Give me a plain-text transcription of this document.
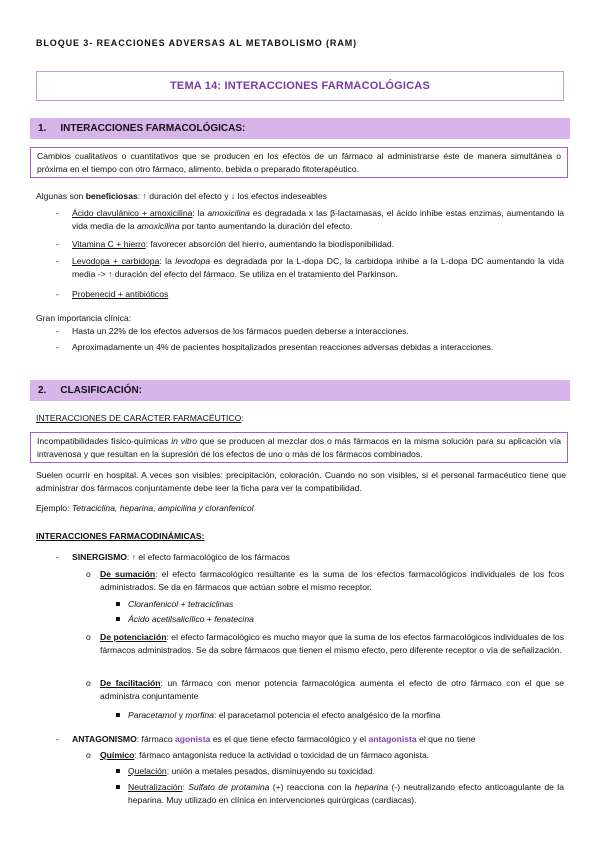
BLOQUE 3- REACCIONES ADVERSAS AL METABOLISMO (RAM)
TEMA 14: INTERACCIONES FARMACOLÓGICAS
1. INTERACCIONES FARMACOLÓGICAS:
Cambios cualitativos o cuantitativos que se producen en los efectos de un fármaco al administrarse éste de manera simultánea o próxima en el tiempo con otro fármaco, alimento, bebida o preparado fitoterapéutico.
Algunas son beneficiosas: ↑ duración del efecto y ↓ los efectos indeseables
- Ácido clavulánico + amoxicilina: la amoxicilina es degradada x las β-lactamasas, el ácido inhibe estas enzimas, aumentando la vida media de la amoxicilina por tanto aumentando la duración del efecto.
- Vitamina C + hierro: favorecer absorción del hierro, aumentando la biodisponibilidad.
- Levodopa + carbidopa: la levodopa es degradada por la L-dopa DC, la carbidopa inhibe a la L-dopa DC aumentando la vida media -> ↑ duración del efecto del fármaco. Se utiliza en el tratamiento del Parkinson.
- Probenecid + antibióticos
Gran importancia clínica:
- Hasta un 22% de los efectos adversos de los fármacos pueden deberse a interacciones.
- Aproximadamente un 4% de pacientes hospitalizados presentan reacciones adversas debidas a interacciones.
2. CLASIFICACIÓN:
INTERACCIONES DE CARÁCTER FARMACÉUTICO:
Incompatibilidades físico-químicas in vitro que se producen al mezclar dos o más fármacos en la misma solución para su aplicación vía intravenosa y que resultan en la supresión de los efectos de uno o más de los fármacos combinados.
Suelen ocurrir en hospital. A veces son visibles: precipitación, coloración. Cuando no son visibles, si el personal farmacéutico tiene que administrar dos fármacos conjuntamente debe leer la ficha para ver la compatibilidad.
Ejemplo: Tetraciclina, heparina, ampicilina y cloranfenicol
INTERACCIONES FARMACODINÁMICAS:
- SINERGISMO: ↑ el efecto farmacológico de los fármacos
o De sumación: el efecto farmacológico resultante es la suma de los efectos farmacológicos individuales de los fcos administrados. Se da en fármacos que actúan sobre el mismo receptor.
Cloranfenicol + tetraciclinas
Ácido acetilsalicílico + fenatecina
o De potenciación: el efecto farmacológico es mucho mayor que la suma de los efectos farmacológicos individuales de los fármacos administrados. Se da sobre fármacos que tienen el mismo efecto, pero diferente receptor o vía de señalización.
o De facilitación: un fármaco con menor potencia farmacológica aumenta el efecto de otro fármaco con el que se administra conjuntamente
Paracetamol y morfina: el paracetamol potencia el efecto analgésico de la morfina
- ANTAGONISMO: fármaco agonista es el que tiene efecto farmacológico y el antagonista el que no tiene
o Químico: fármaco antagonista reduce la actividad o toxicidad de un fármaco agonista.
Quelación: unión a metales pesados, disminuyendo su toxicidad.
Neutralización: Sulfato de protamina (+) reacciona con la heparina (-) neutralizando efecto anticoagulante de la heparina. Muy utilizado en clínica en intervenciones quirúrgicas (cardiacas).
